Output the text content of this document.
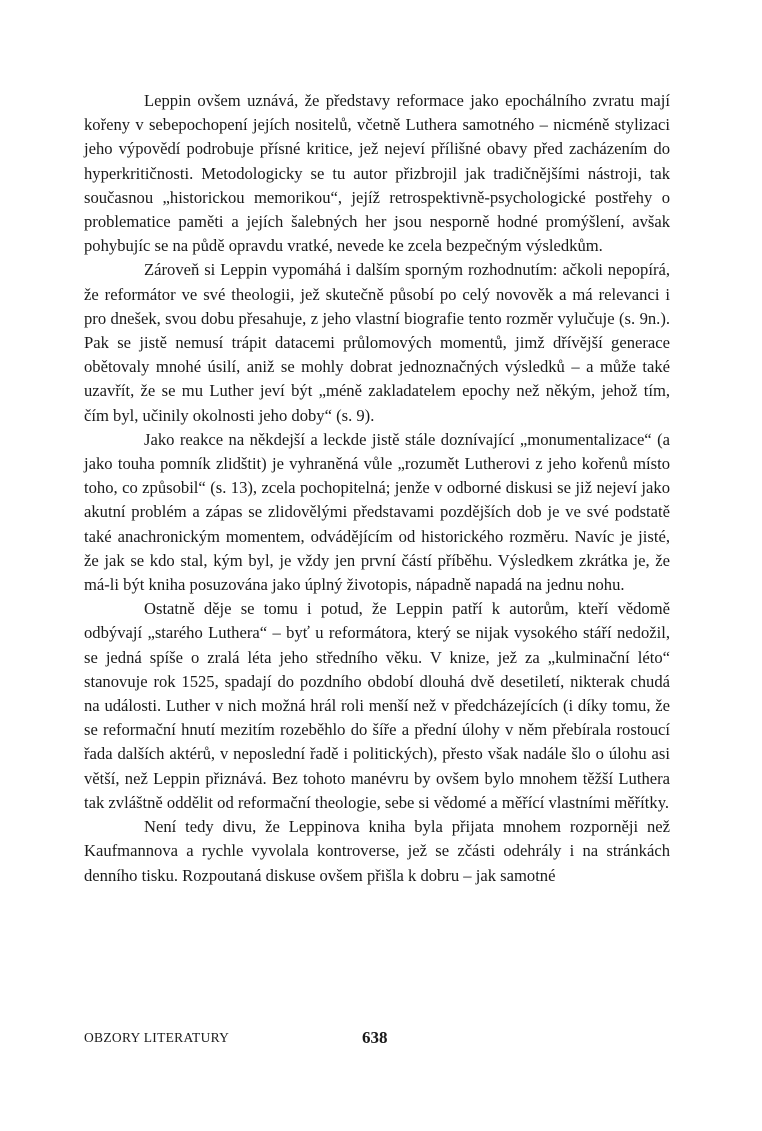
Leppin ovšem uznává, že představy reformace jako epochálního zvratu mají kořeny v sebepochopení jejích nositelů, včetně Luthera samotného – nicméně stylizaci jeho výpovědí podrobuje přísné kritice, jež nejeví přílišné obavy před zacházením do hyperkritičnosti. Metodologicky se tu autor přizbrojil jak tradičnějšími nástroji, tak současnou „historickou memorikou“, jejíž retrospektivně-psychologické postřehy o problematice paměti a jejích šalebných her jsou nesporně hodné promýšlení, avšak pohybujíc se na půdě opravdu vratké, nevede ke zcela bezpečným výsledkům.

Zároveň si Leppin vypomáhá i dalším sporným rozhodnutím: ačkoli nepopírá, že reformátor ve své theologii, jež skutečně působí po celý novověk a má relevanci i pro dnešek, svou dobu přesahuje, z jeho vlastní biografie tento rozměr vylučuje (s. 9n.). Pak se jistě nemusí trápit datacemi průlomových momentů, jimž dřívější generace obětovaly mnohé úsilí, aniž se mohly dobrat jednoznačných výsledků – a může také uzavřít, že se mu Luther jeví být „méně zakladatelem epochy než někým, jehož tím, čím byl, učinily okolnosti jeho doby“ (s. 9).

Jako reakce na někdejší a leckde jistě stále doznívající „monumentalizace“ (a jako touha pomník zlidštit) je vyhraněná vůle „rozumět Lutherovi z jeho kořenů místo toho, co způsobil“ (s. 13), zcela pochopitelná; jenže v odborné diskusi se již nejeví jako akutní problém a zápas se zlidovělými představami pozdějších dob je ve své podstatě také anachronickým momentem, odvádějícím od historického rozměru. Navíc je jisté, že jak se kdo stal, kým byl, je vždy jen první částí příběhu. Výsledkem zkrátka je, že má-li být kniha posuzována jako úplný životopis, nápadně napadá na jednu nohu.

Ostatně děje se tomu i potud, že Leppin patří k autorům, kteří vědomě odbývají „starého Luthera“ – byť u reformátora, který se nijak vysokého stáří nedožil, se jedná spíše o zralá léta jeho středního věku. V knize, jež za „kulminační léto“ stanovuje rok 1525, spadají do pozdního období dlouhá dvě desetiletí, nikterak chudá na události. Luther v nich možná hrál roli menší než v předcházejících (i díky tomu, že se reformační hnutí mezitím rozeběhlo do šíře a přední úlohy v něm přebírala rostoucí řada dalších aktérů, v neposlední řadě i politických), přesto však nadále šlo o úlohu asi větší, než Leppin přiznává. Bez tohoto manévru by ovšem bylo mnohem těžší Luthera tak zvláštně oddělit od reformační theologie, sebe si vědomé a měřící vlastními měřítky.

Není tedy divu, že Leppinova kniha byla přijata mnohem rozporněji než Kaufmannova a rychle vyvolala kontroverse, jež se zčásti odehrály i na stránkách denního tisku. Rozpoutaná diskuse ovšem přišla k dobru – jak samotné

OBZORY LITERATURY	638
